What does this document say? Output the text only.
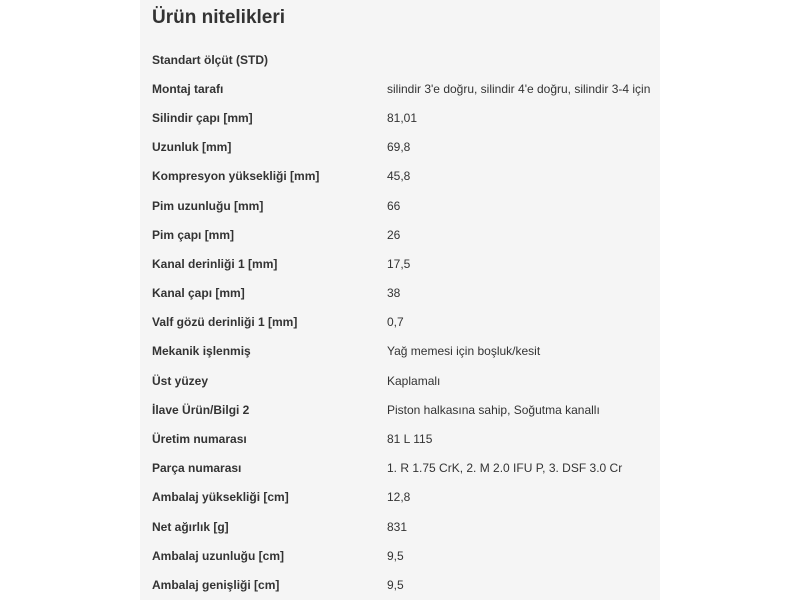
Ürün nitelikleri
Standart ölçüt (STD)
Montaj tarafı	silindir 3'e doğru, silindir 4'e doğru, silindir 3-4 için
Silindir çapı [mm]	81,01
Uzunluk [mm]	69,8
Kompresyon yüksekliği [mm]	45,8
Pim uzunluğu [mm]	66
Pim çapı [mm]	26
Kanal derinliği 1 [mm]	17,5
Kanal çapı [mm]	38
Valf gözü derinliği 1 [mm]	0,7
Mekanik işlenmiş	Yağ memesi için boşluk/kesit
Üst yüzey	Kaplamalı
İlave Ürün/Bilgi 2	Piston halkasına sahip, Soğutma kanallı
Üretim numarası	81 L 115
Parça numarası	1. R 1.75 CrK, 2. M 2.0 IFU P, 3. DSF 3.0 Cr
Ambalaj yüksekliği [cm]	12,8
Net ağırlık [g]	831
Ambalaj uzunluğu [cm]	9,5
Ambalaj genişliği [cm]	9,5
